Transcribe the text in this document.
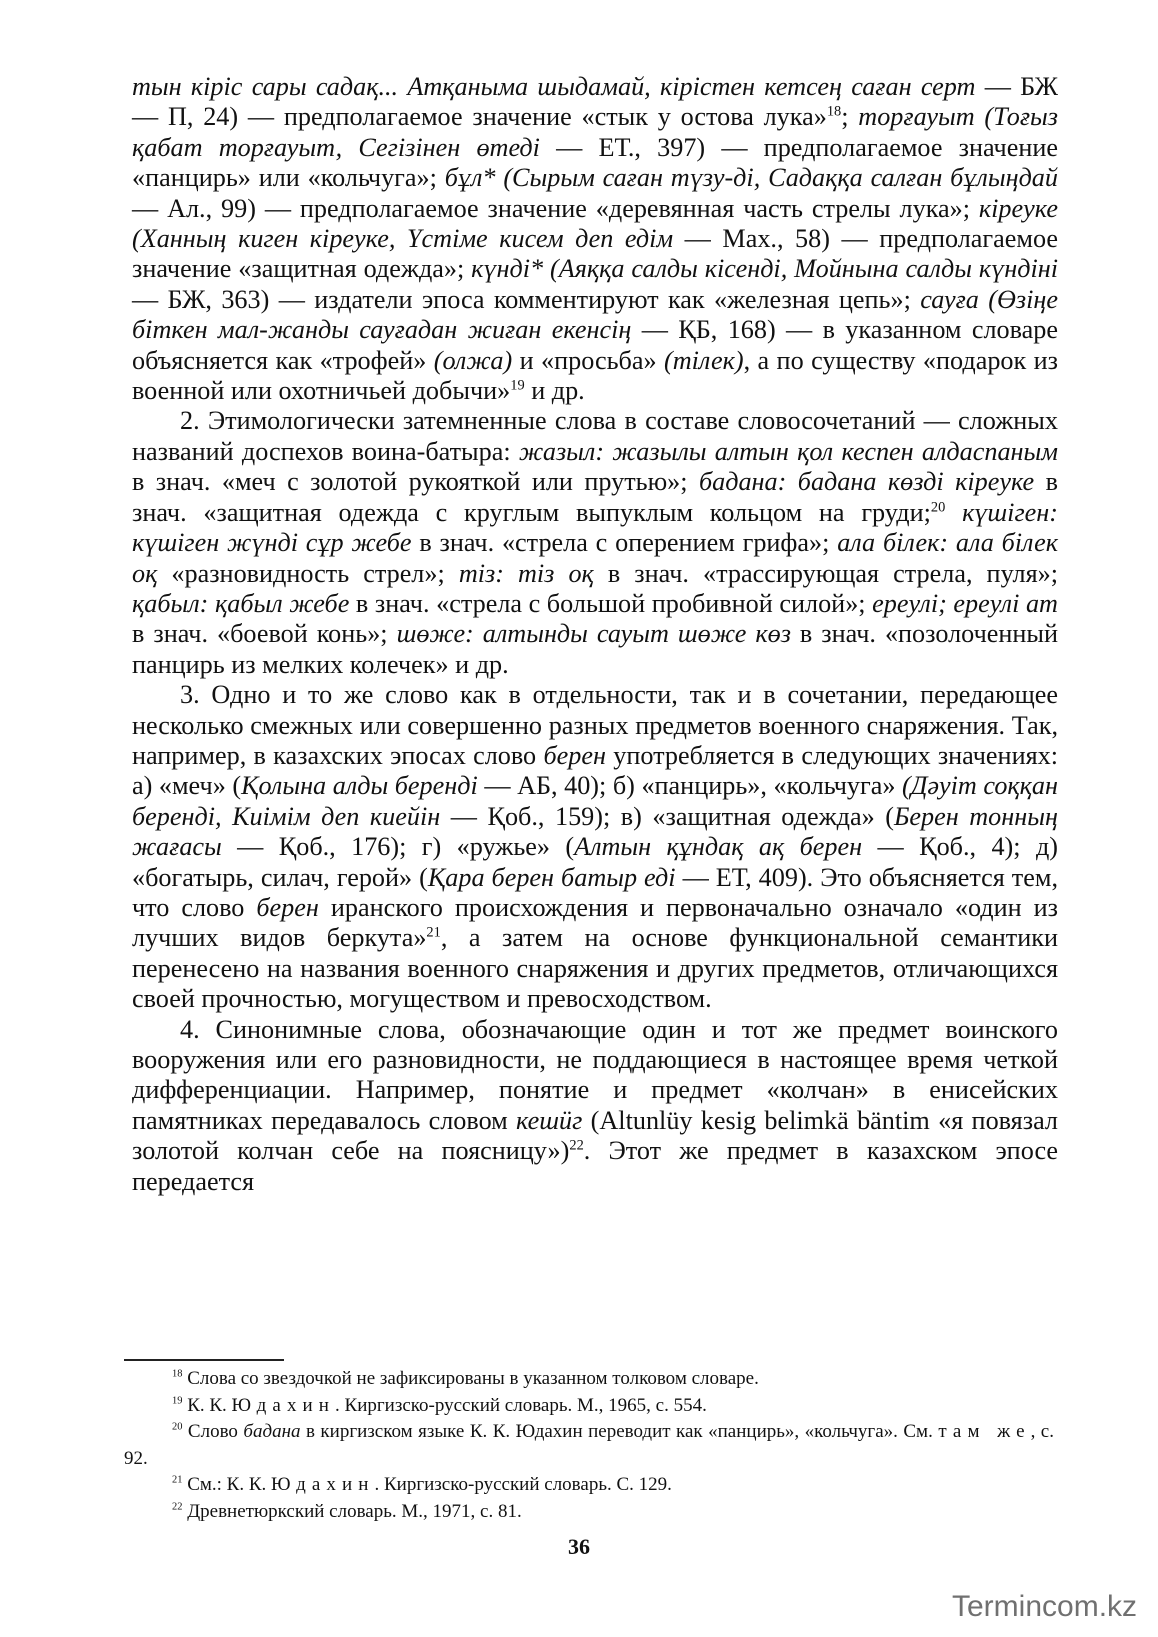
тын кіріс сары садақ... Атқаныма шыдамай, кірістен кетсең саған серт — БЖ — П, 24) — предполагаемое значение «стык у остова лука»$^{18}$; торғауыт (Тоғыз қабат торғауыт, Сегізінен өтеді — ЕТ., 397) — предполагаемое значение «панцирь» или «кольчуга»; бұл* (Сырым саған түзу-ді, Садаққа салған бұлыңдай — Ал., 99) — предполагаемое значение «деревянная часть стрелы лука»; кіреуке (Ханның киген кіреуке, Үстіме кисем деп едім — Мах., 58) — предполагаемое значение «защитная одежда»; күнді* (Аяққа салды кісенді, Мойнына салды күндіні — БЖ, 363) — издатели эпоса комментируют как «железная цепь»; сауға (Өзіңе біткен мал-жанды сауғадан жиған екенсің — ҚБ, 168) — в указанном словаре объясняется как «трофей» (олжа) и «просьба» (тілек), а по существу «подарок из военной или охотничьей добычи»$^{19}$ и др.

2. Этимологически затемненные слова в составе словосочетаний — сложных названий доспехов воина-батыра: жазыл: жазылы алтын қол кеспен алдаспаным в знач. «меч с золотой рукояткой или прутью»; бадана: бадана көзді кіреуке в знач. «защитная одежда с круглым выпуклым кольцом на груди;$^{20}$ күшіген: күшіген жүнді сұр жебе в знач. «стрела с оперением грифа»; ала білек: ала білек оқ «разновидность стрел»; тіз: тіз оқ в знач. «трассирующая стрела, пуля»; қабыл: қабыл жебе в знач. «стрела с большой пробивной силой»; ереулі; ереулі ат в знач. «боевой конь»; шөже: алтынды сауыт шөже көз в знач. «позолоченный панцирь из мелких колечек» и др.

3. Одно и то же слово как в отдельности, так и в сочетании, передающее несколько смежных или совершенно разных предметов военного снаряжения. Так, например, в казахских эпосах слово берен употребляется в следующих значениях: а) «меч» (Қолына алды берендi — АБ, 40); б) «панцирь», «кольчуга» (Дәуіт соққан берендi, Киімім деп киейін — Қоб., 159); в) «защитная одежда» (Берен тонның жағасы — Қоб., 176); г) «ружье» (Алтын құндақ ақ берен — Қоб., 4); д) «богатырь, силач, герой» (Қара берен батыр еді — ЕТ, 409). Это объясняется тем, что слово берен иранского происхождения и первоначально означало «один из лучших видов беркута»$^{21}$, а затем на основе функциональной семантики перенесено на названия военного снаряжения и других предметов, отличающихся своей прочностью, могуществом и превосходством.

4. Синонимные слова, обозначающие один и тот же предмет воинского вооружения или его разновидности, не поддающиеся в настоящее время четкой дифференциации. Например, понятие и предмет «колчан» в енисейских памятниках передавалось словом кешüг (Altunlüy kesig belimkä bäntim «я повязал золотой колчан себе на поясницу»)$^{22}$. Этот же предмет в казахском эпосе передается

$^{18}$ Слова со звездочкой не зафиксированы в указанном толковом словаре.

$^{19}$ К. К. Юдахин. Киргизско-русский словарь. М., 1965, с. 554.

$^{20}$ Слово бадана в киргизском языке К. К. Юдахин переводит как «панцирь», «кольчуга». См. там же, с. 92.

$^{21}$ См.: К. К. Юдахин. Киргизско-русский словарь. С. 129.

$^{22}$ Древнетюркский словарь. М., 1971, с. 81.

36
Termincom.kz
